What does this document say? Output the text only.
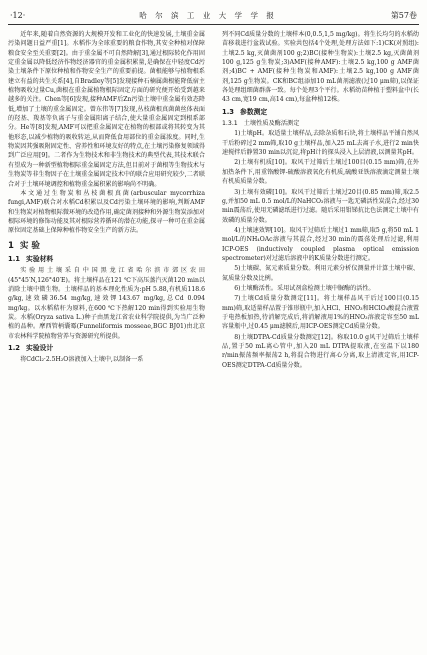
·12·	哈 尔 滨 工 业 大 学 学 报	第57卷

近年来,随着自然资源的大规模开发和工业化的快速发展,土壤重金属污染问题日益严重[1]。水稻作为全球重要的粮食作物,其安全种植对保障粮食安全至关重要[2]。由于重金属不可自然降解[3],通过根际转化作用固定重金属以降低经济作物经济器官的重金属积累量,是确保在中轻度Cd污染土壤条件下原位种植和作物安全生产的重要前提。菌根能够与植物根系建立有益的共生关系[4],自Bradley等[5]发现接种石楠属菌根能降低宿主植物吸收过量Cu,菌根在重金属植物根际固定方面的研究便开始受到越来越多的关注。Chen等[6]发现,接种AMF后Zn污染土壤中重金属有效态降低,增加了土壤的重金属固定。曾东伟等[7]发现,丛枝菌根真菌菌丝体表面的羟基、羧基等负离子与重金属阳离子结合,使大量重金属固定到根系部分。He等[8]发现,AMF可以把重金属固定在植物的根部或将其转变为其他形态,以减少植物的吸收转运,从而降低食用部位的重金属浓度。同时,生物炭因其强吸附固定性、营养性和环境友好的特点,在土壤污染修复领域得到广泛应用[9]。二者作为生物技术和非生物技术的典型代表,其技术联合有望成为一种新型植物根际重金属固定方法,但目前对于菌根等生物技术与生物炭等非生物因子在土壤重金属固定技术中的联合应用研究较少,二者联合对于土壤环境调控和植物重金属积累的影响尚不明确。

本文通过生物炭和丛枝菌根真菌(arbuscular mycorrhiza fungi,AMF)联合对水稻Cd积累以及Cd污染土壤环境的影响,判断AMF和生物炭对植物根际微环境的改造作用,确定菌剂接种和外源生物炭添加对根际环境的修饰功能及其对根际营养循环的潜在功能,探寻一种可在重金属原位固定基础上保障种植作物安全生产的新方法。

1 实 验
1.1 实验材料

实验用土壤采自中国黑龙江省哈尔滨市郊区农田(45°45′N,126°40′E)。将土壤样品在121 ℃下高压蒸汽灭菌120 min以消除土壤中微生物。土壤样品的基本理化性质为:pH 5.88,有机质118.6 g/kg,速效磷36.54 mg/kg,速效钾143.67 mg/kg,总Cd 0.094 mg/kg。以水稻秸秆为原料,在600 ℃下热解120 min得到实验用生物炭。水稻(Oryza sativa L.)种子由黑龙江省农业科学院提供,为当广泛种植的品种。摩西管柄囊霉(Funneliformis mosseae,BGC BJ01)由北京市农林科学院植物营养与资源研究所提供。

1.2 实验设计

将CdCl₂·2.5H₂O溶液加入土壤中,以制备一系

列不同Cd质量分数的土壤样本(0,0.5,1,5 mg/kg)。将生长均匀的水稻幼苗移栽进行盆栽试验。实验共包括4个处理,处理方法如下:1)CK(对照组):土壤2.5 kg,灭菌菌剂100 g;2)BC(接种生物炭):土壤2.5 kg,灭菌菌剂100 g,125 g生物炭;3)AMF(接种AMF):土壤2.5 kg,100 g AMF菌剂;4)BC + AMF(接种生物炭和AMF):土壤2.5 kg,100 g AMF菌剂,125 g生物炭。CK和BC组添加10 mL菌剂滤液(过10 μm筛),以保证各处理组细菌群落一致。每个处理3个平行。水稻幼苗种植于塑料盆中(长43 cm,宽19 cm,高14 cm),每盆种植12株。

1.3 参数测定
1.3.1 土壤性质及酶活测定

1)土壤pH。取适量土壤样品,去除杂质和石块,将土壤样品平铺自然风干后粉碎过2 mm筛,取10 g土壤样品,加入25 mL去离子水,进行2 min快速搅拌后静置30 min以沉淀,将pH计的探头浸入上层清液,以测量其pH。

2)土壤有机质[10]。取风干过筛后土壤过100目(0.15 mm)筛,在外加热条件下,用重铬酸钾-硫酸溶液氧化有机质,硫酸亚铁溶液滴定测量土壤有机质质量分数。

3)土壤有效磷[10]。取风干过筛后土壤过20目(0.85 mm)筛,取2.5 g,并加50 mL 0.5 mol/L的NaHCO₃溶液与一匙无磷活性炭混合,经过30 min震荡后,使用无磷滤纸进行过滤。随后采用钼锑抗比色法测定土壤中有效磷的质量分数。

4)土壤速效钾[10]。取风干过筛后土壤过1 mm筛,取5 g,将50 mL 1 mol/L的NH₄OAc溶液与其混合,经过30 min的震荡处理后过滤,利用ICP-OES (inductively coupled plasma optical emission spectrometer)对过滤后溶液中的K质量分数进行测定。

5)土壤碳、氮元素质量分数。利用元素分析仪测量并计算土壤中碳、氮质量分数及比例。

6)土壤酶活性。采用试剂盒检测土壤中脲酶的活性。

7)土壤Cd质量分数测定[11]。将土壤样品风干后过100目(0.15 mm)筛,取适量样品置于锥形瓶中,加入HCl、HNO₃和HClO₄酸混合液置于电热板加热,待消解完成后,将消解液用1%的HNO₃溶液定容至50 mL容量瓶中,过0.45 μm滤膜后,用ICP-OES测定Cd质量分数。

8)土壤DTPA-Cd质量分数测定[12]。称取10.0 g风干过筛后土壤样品,置于50 mL离心管中,加入20 mL DTPA提取液,在室温下以180 r/min振荡频率振荡2 h,将混合物进行离心分离,取上清液定容,用ICP-OES测定DTPA-Cd质量分数。
